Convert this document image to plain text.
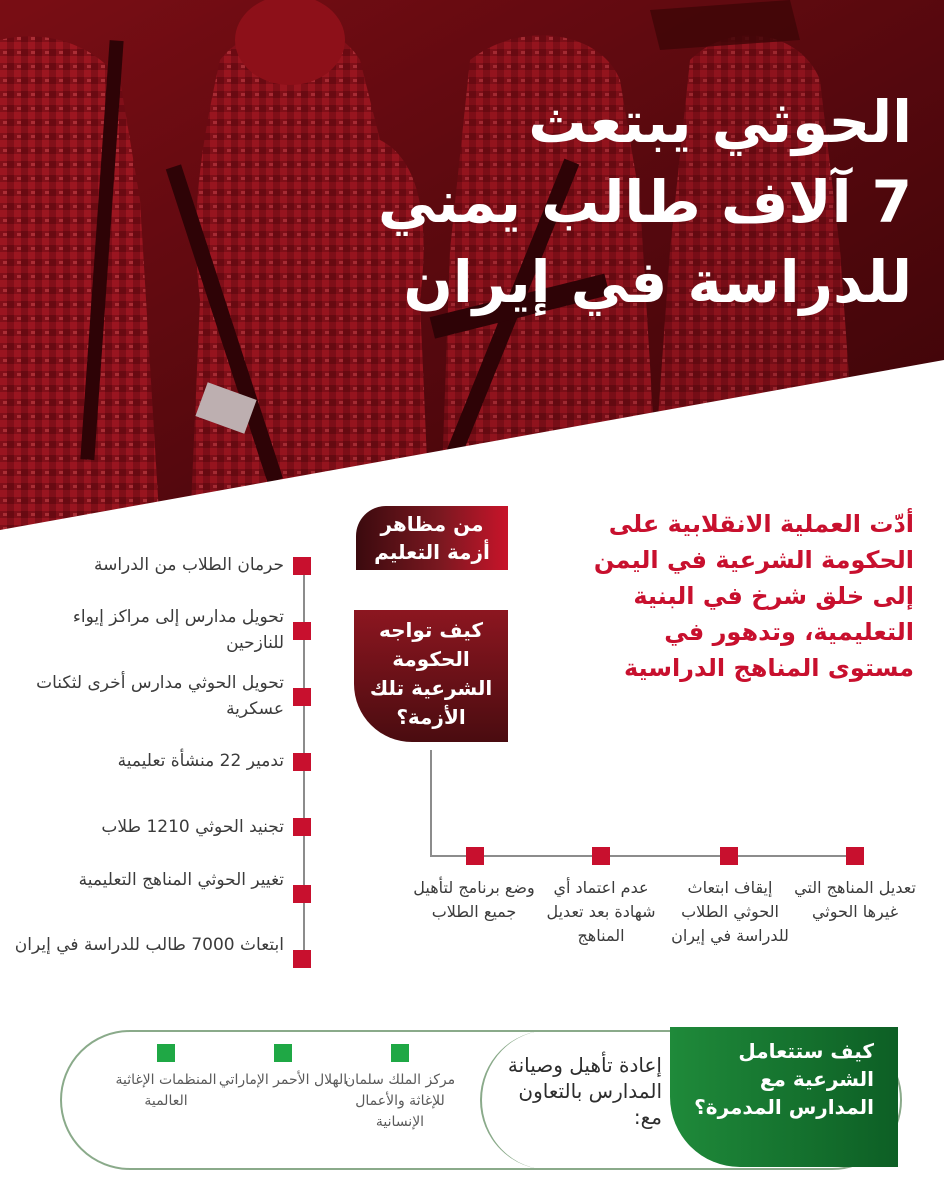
الحوثي يبتعث
7 آلاف طالب يمني
للدراسة في إيران
أدّت العملية الانقلابية على الحكومة الشرعية في اليمن إلى خلق شرخ في البنية التعليمية، وتدهور في مستوى المناهج الدراسية
من مظاهر أزمة التعليم
كيف تواجه الحكومة الشرعية تلك الأزمة؟
حرمان الطلاب من الدراسة
تحويل مدارس إلى مراكز إيواء للنازحين
تحويل الحوثي مدارس أخرى لثكنات عسكرية
تدمير 22 منشأة تعليمية
تجنيد الحوثي 1210 طلاب
تغيير الحوثي المناهج التعليمية
ابتعاث 7000 طالب للدراسة في إيران
تعديل المناهج التي غيرها الحوثي
إيقاف ابتعاث الحوثي الطلاب للدراسة في إيران
عدم اعتماد أي شهادة بعد تعديل المناهج
وضع برنامج لتأهيل جميع الطلاب
كيف ستتعامل الشرعية مع المدارس المدمرة؟
إعادة تأهيل وصيانة المدارس بالتعاون مع:
مركز الملك سلمان للإغاثة والأعمال الإنسانية
الهلال الأحمر الإماراتي
المنظمات الإغاثية العالمية
